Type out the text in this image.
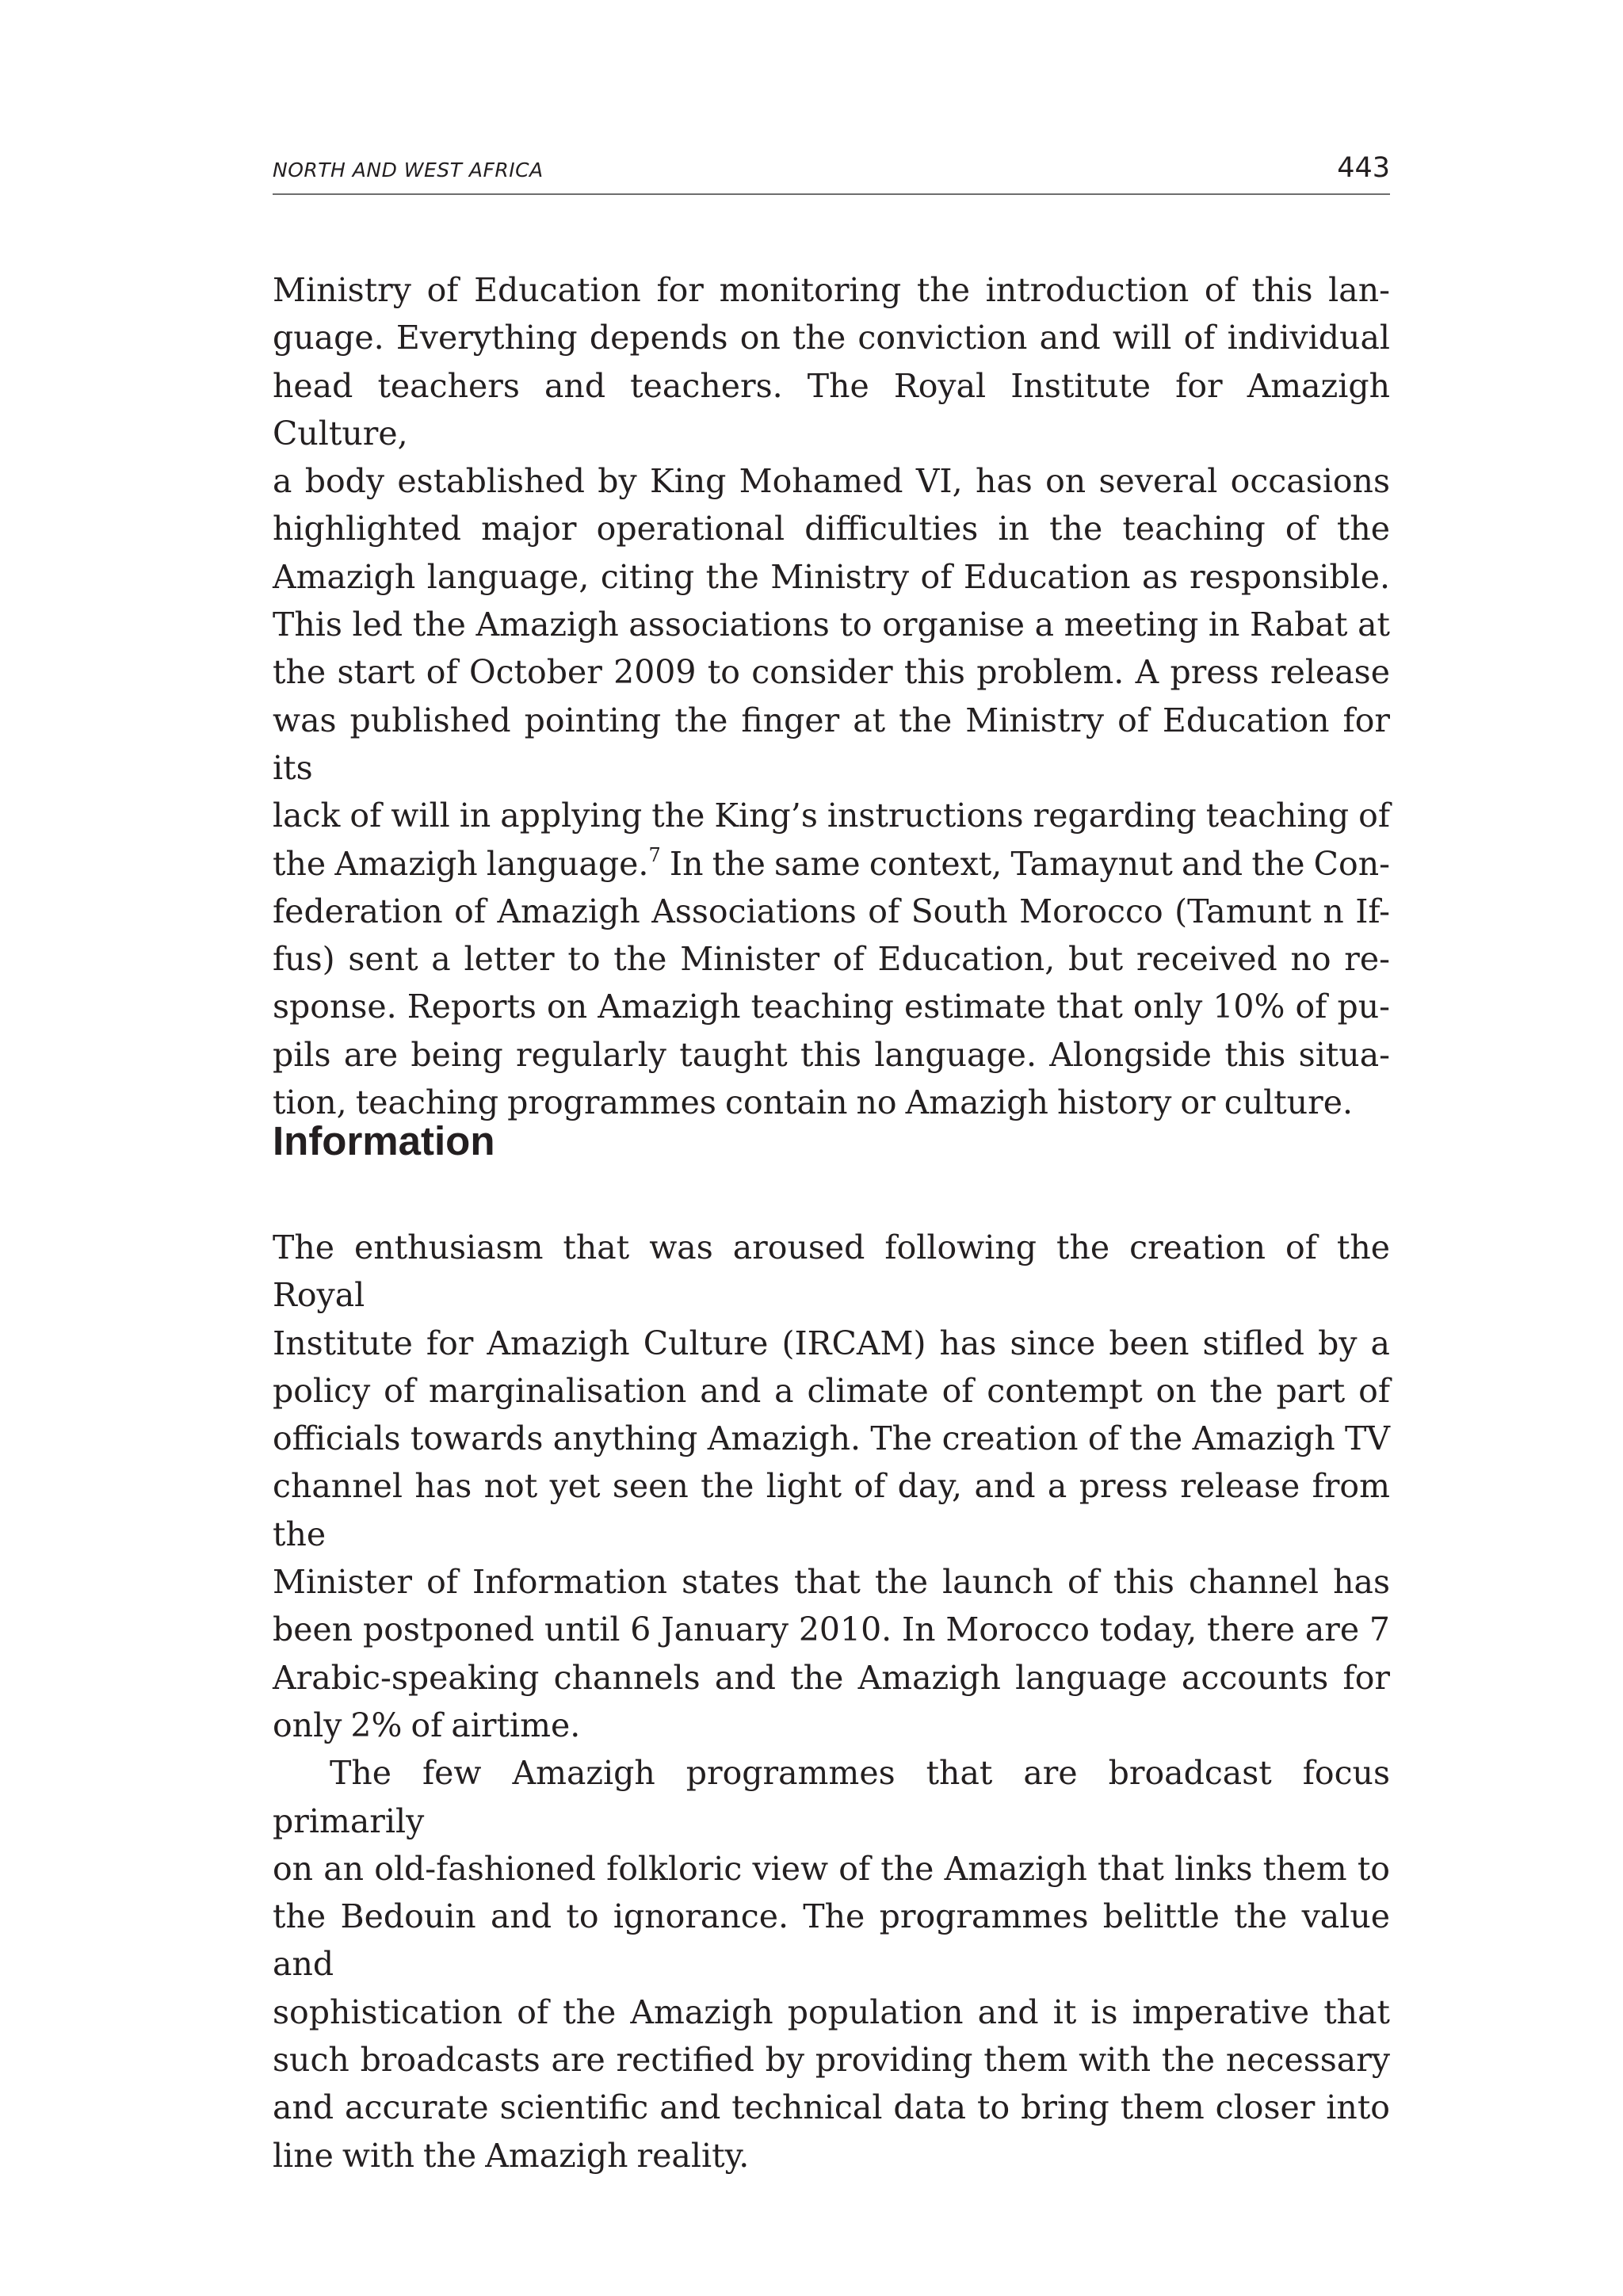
NORTH AND WEST AFRICA	443

Ministry of Education for monitoring the introduction of this lan-

guage. Everything depends on the conviction and will of individual

head teachers and teachers. The Royal Institute for Amazigh Culture,

a body established by King Mohamed VI, has on several occasions

highlighted major operational difficulties in the teaching of the

Amazigh language, citing the Ministry of Education as responsible.

This led the Amazigh associations to organise a meeting in Rabat at

the start of October 2009 to consider this problem. A press release

was published pointing the finger at the Ministry of Education for its

lack of will in applying the King’s instructions regarding teaching of

the Amazigh language.$^7$ In the same context, Tamaynut and the Con-

federation of Amazigh Associations of South Morocco (Tamunt n If-

fus) sent a letter to the Minister of Education, but received no re-

sponse. Reports on Amazigh teaching estimate that only 10% of pu-

pils are being regularly taught this language. Alongside this situa-

tion, teaching programmes contain no Amazigh history or culture.

Information

The enthusiasm that was aroused following the creation of the Royal

Institute for Amazigh Culture (IRCAM) has since been stifled by a

policy of marginalisation and a climate of contempt on the part of

officials towards anything Amazigh. The creation of the Amazigh TV

channel has not yet seen the light of day, and a press release from the

Minister of Information states that the launch of this channel has

been postponed until 6 January 2010. In Morocco today, there are 7

Arabic-speaking channels and the Amazigh language accounts for

only 2% of airtime.

The few Amazigh programmes that are broadcast focus primarily

on an old-fashioned folkloric view of the Amazigh that links them to

the Bedouin and to ignorance. The programmes belittle the value and

sophistication of the Amazigh population and it is imperative that

such broadcasts are rectified by providing them with the necessary

and accurate scientific and technical data to bring them closer into

line with the Amazigh reality.
